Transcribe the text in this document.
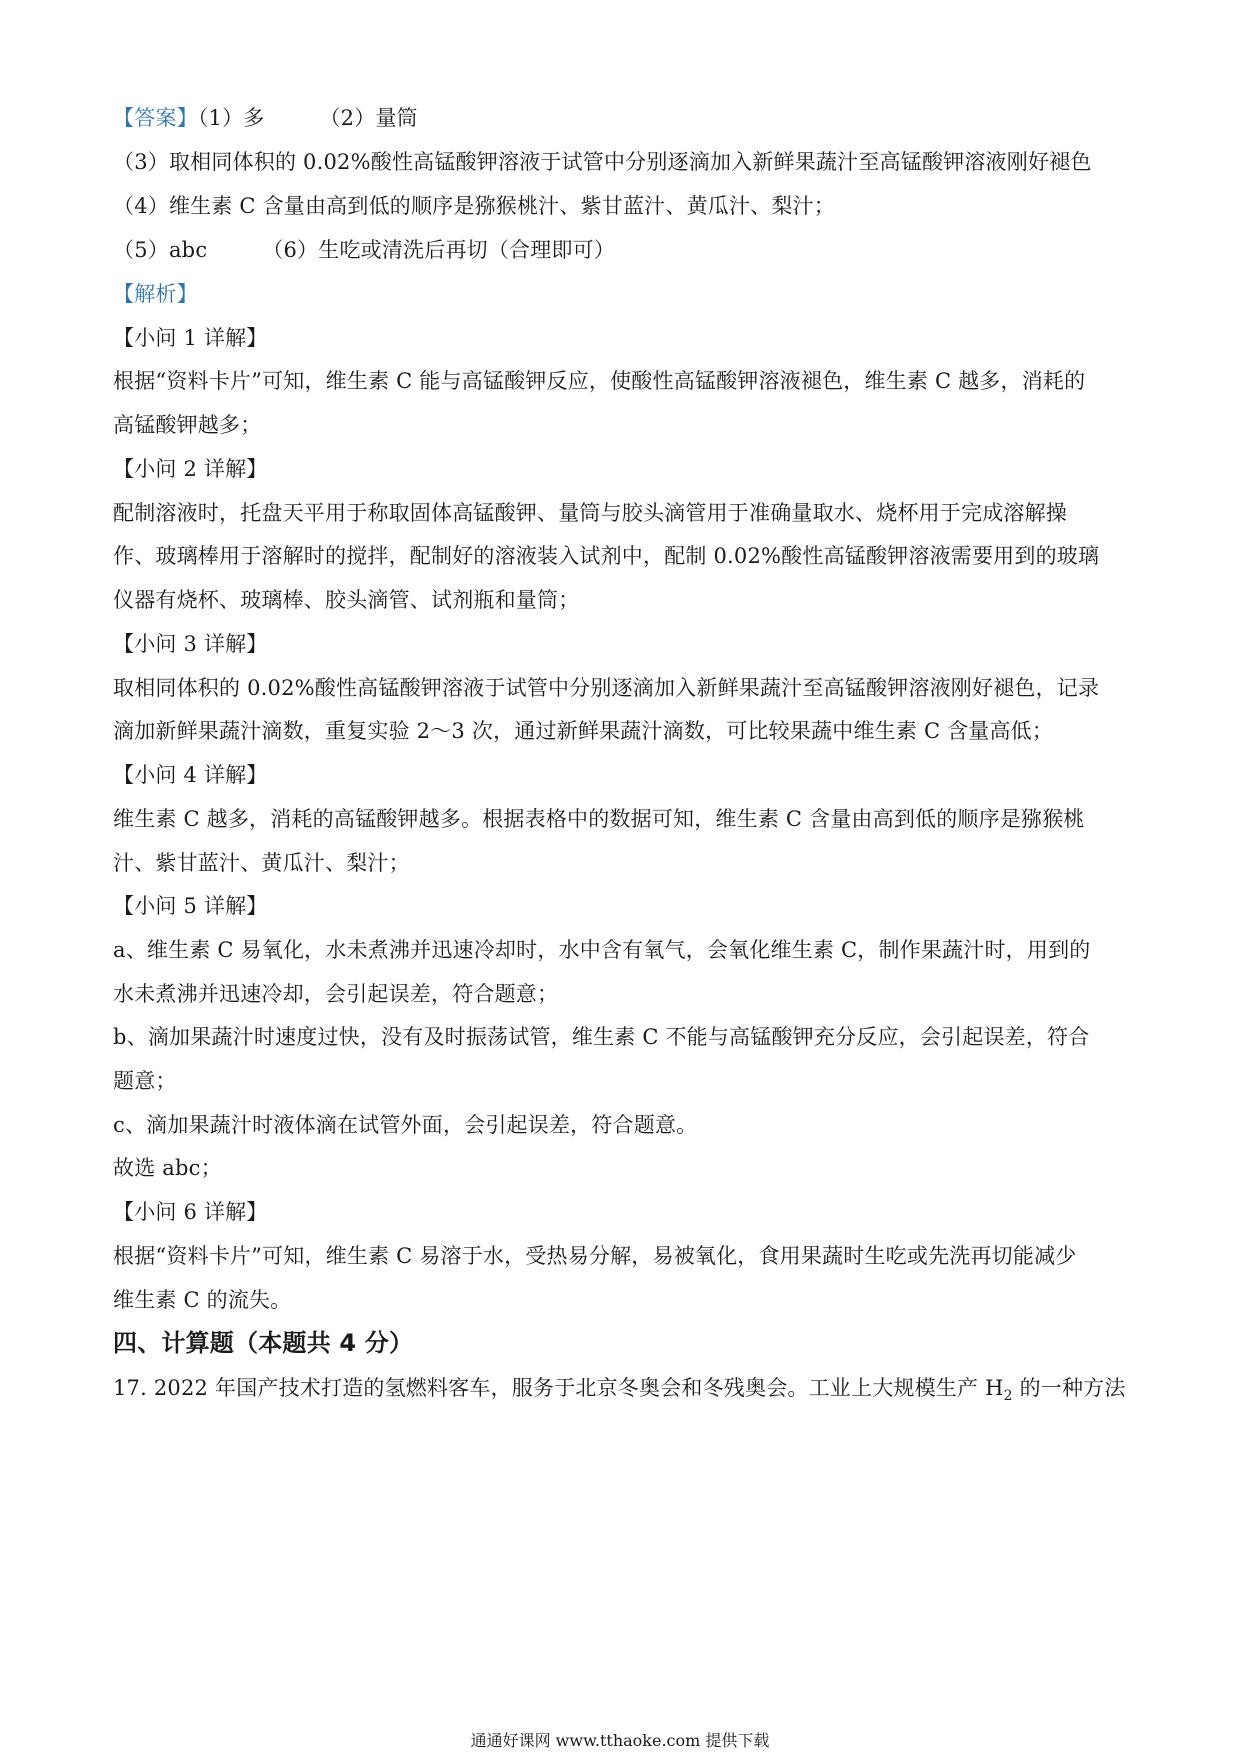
【答案】（1）多	（2）量筒
（3）取相同体积的 0.02%酸性高锰酸钾溶液于试管中分别逐滴加入新鲜果蔬汁至高锰酸钾溶液刚好褪色
（4）维生素 C 含量由高到低的顺序是猕猴桃汁、紫甘蓝汁、黄瓜汁、梨汁；
（5）abc	（6）生吃或清洗后再切（合理即可）
【解析】
【小问 1 详解】
根据“资料卡片”可知，维生素 C 能与高锰酸钾反应，使酸性高锰酸钾溶液褪色，维生素 C 越多，消耗的
高锰酸钾越多；
【小问 2 详解】
配制溶液时，托盘天平用于称取固体高锰酸钾、量筒与胶头滴管用于准确量取水、烧杯用于完成溶解操
作、玻璃棒用于溶解时的搅拌，配制好的溶液装入试剂中，配制 0.02%酸性高锰酸钾溶液需要用到的玻璃
仪器有烧杯、玻璃棒、胶头滴管、试剂瓶和量筒；
【小问 3 详解】
取相同体积的 0.02%酸性高锰酸钾溶液于试管中分别逐滴加入新鲜果蔬汁至高锰酸钾溶液刚好褪色，记录
滴加新鲜果蔬汁滴数，重复实验 2～3 次，通过新鲜果蔬汁滴数，可比较果蔬中维生素 C 含量高低；
【小问 4 详解】
维生素 C 越多，消耗的高锰酸钾越多。根据表格中的数据可知，维生素 C 含量由高到低的顺序是猕猴桃
汁、紫甘蓝汁、黄瓜汁、梨汁；
【小问 5 详解】
a、维生素 C 易氧化，水未煮沸并迅速冷却时，水中含有氧气，会氧化维生素 C，制作果蔬汁时，用到的
水未煮沸并迅速冷却，会引起误差，符合题意；
b、滴加果蔬汁时速度过快，没有及时振荡试管，维生素 C 不能与高锰酸钾充分反应，会引起误差，符合
题意；
c、滴加果蔬汁时液体滴在试管外面，会引起误差，符合题意。
故选 abc；
【小问 6 详解】
根据“资料卡片”可知，维生素 C 易溶于水，受热易分解，易被氧化，食用果蔬时生吃或先洗再切能减少
维生素 C 的流失。
四、计算题（本题共 4 分）
17. 2022 年国产技术打造的氢燃料客车，服务于北京冬奥会和冬残奥会。工业上大规模生产 $H_2$ 的一种方法
通通好课网 www.tthaoke.com 提供下载
